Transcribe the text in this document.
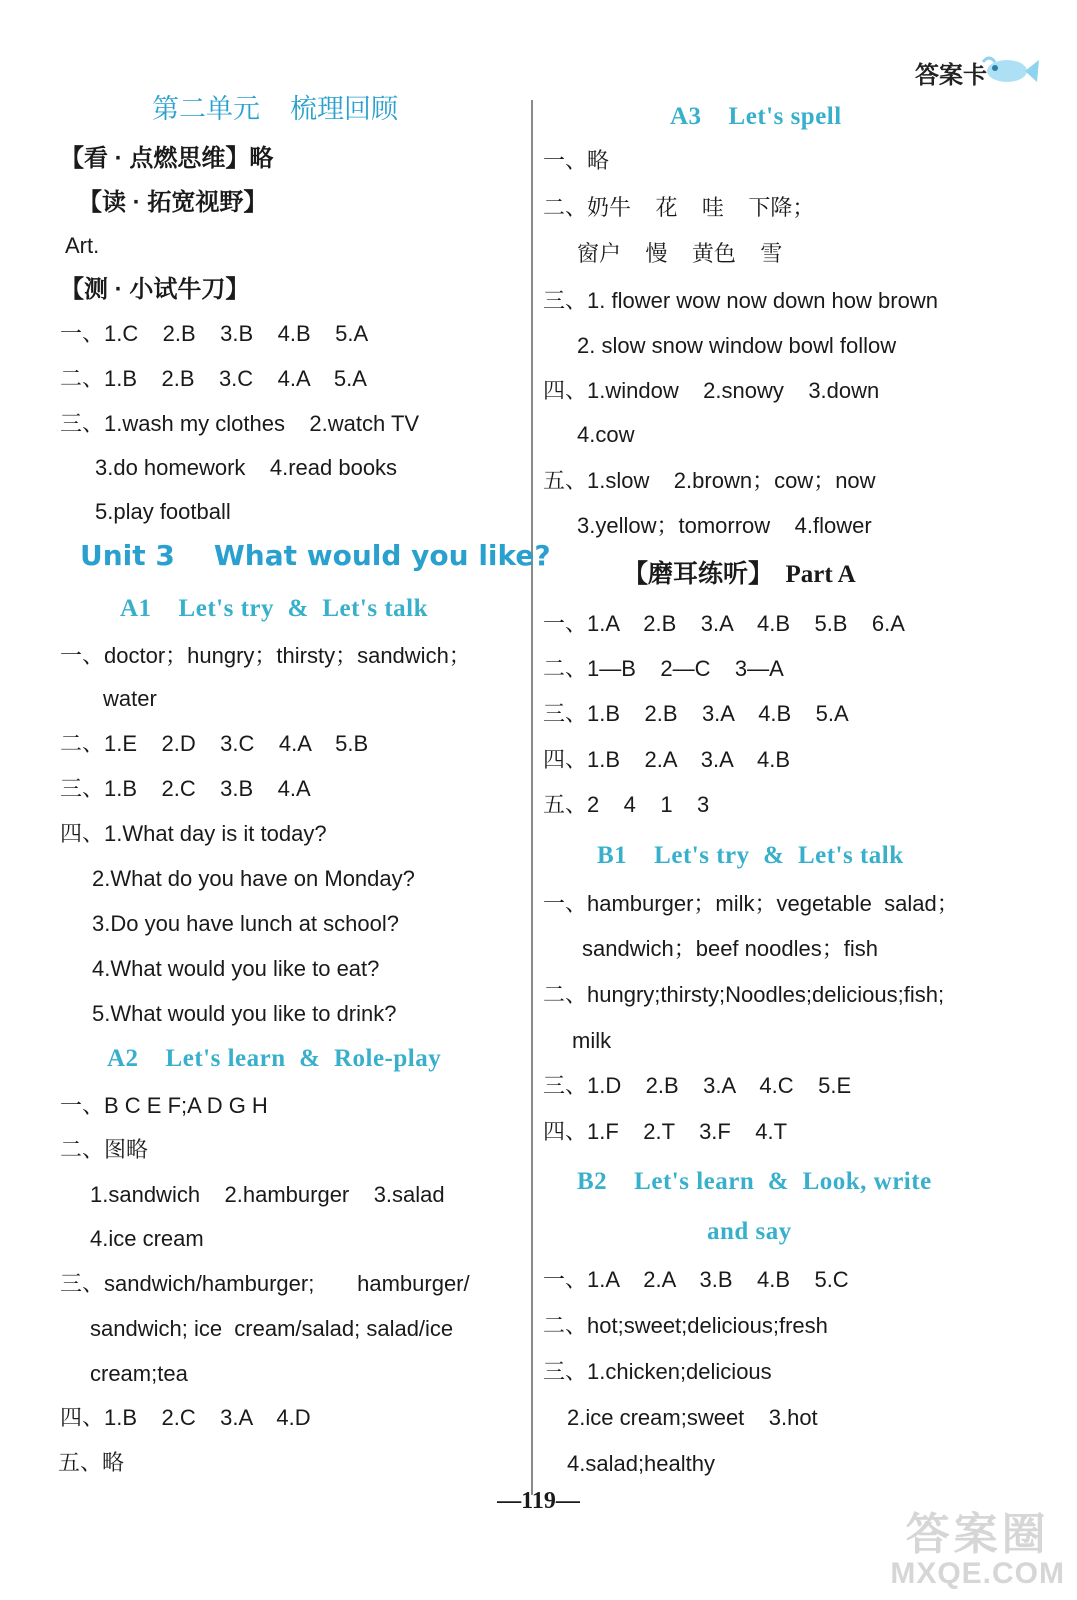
答案卡
第二单元    梳理回顾
【看 · 点燃思维】略
【读 · 拓宽视野】
Art.
【测 · 小试牛刀】
一、1.C    2.B    3.B    4.B    5.A
二、1.B    2.B    3.C    4.A    5.A
三、1.wash my clothes    2.watch TV
3.do homework    4.read books
5.play football
Unit 3    What would you like?
A1    Let's try  &  Let's talk
一、doctor；hungry；thirsty；sandwich；
water
二、1.E    2.D    3.C    4.A    5.B
三、1.B    2.C    3.B    4.A
四、1.What day is it today?
2.What do you have on Monday?
3.Do you have lunch at school?
4.What would you like to eat?
5.What would you like to drink?
A2    Let's learn  &  Role-play
一、B C E F;A D G H
二、图略
1.sandwich    2.hamburger    3.salad
4.ice cream
三、sandwich/hamburger;       hamburger/
sandwich; ice  cream/salad; salad/ice
cream;tea
四、1.B    2.C    3.A    4.D
五、略
A3    Let's spell
一、略
二、奶牛    花    哇    下降；
窗户    慢    黄色    雪
三、1. flower wow now down how brown
2. slow snow window bowl follow
四、1.window    2.snowy    3.down
4.cow
五、1.slow    2.brown；cow；now
3.yellow；tomorrow    4.flower
【磨耳练听】  Part A
一、1.A    2.B    3.A    4.B    5.B    6.A
二、1—B    2—C    3—A
三、1.B    2.B    3.A    4.B    5.A
四、1.B    2.A    3.A    4.B
五、2    4    1    3
B1    Let's try  &  Let's talk
一、hamburger；milk；vegetable  salad；
sandwich；beef noodles；fish
二、hungry;thirsty;Noodles;delicious;fish;
milk
三、1.D    2.B    3.A    4.C    5.E
四、1.F    2.T    3.F    4.T
B2    Let's learn  &  Look, write
and say
一、1.A    2.A    3.B    4.B    5.C
二、hot;sweet;delicious;fresh
三、1.chicken;delicious
2.ice cream;sweet    3.hot
4.salad;healthy
—119—
答案圈
MXQE.COM
